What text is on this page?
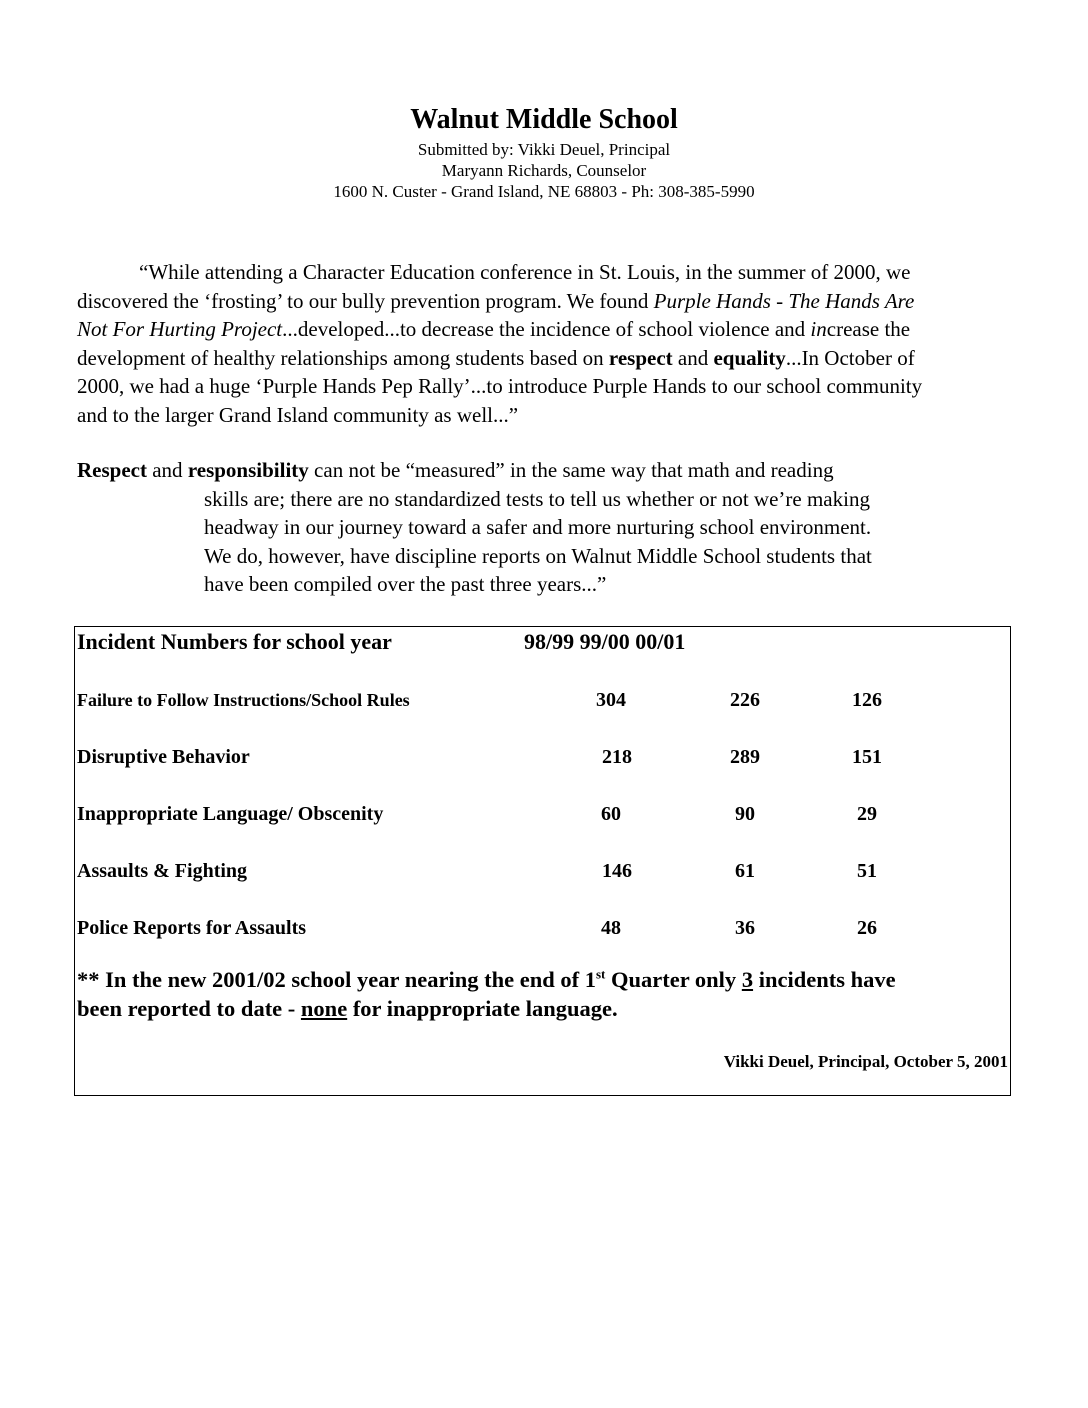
Walnut Middle School
Submitted by: Vikki Deuel, Principal
Maryann Richards, Counselor
1600 N. Custer - Grand Island, NE 68803 - Ph: 308-385-5990
“While attending a Character Education conference in St. Louis, in the summer of 2000, we
discovered the ‘frosting’ to our bully prevention program. We found Purple Hands - The Hands Are
Not For Hurting Project...developed...to decrease the incidence of school violence and increase the
development of healthy relationships among students based on respect and equality...In October of
2000, we had a huge ‘Purple Hands Pep Rally’...to introduce Purple Hands to our school community
and to the larger Grand Island community as well...”
Respect and responsibility can not be “measured” in the same way that math and reading
skills are; there are no standardized tests to tell us whether or not we’re making
headway in our journey toward a safer and more nurturing school environment.
We do, however, have discipline reports on Walnut Middle School students that
have been compiled over the past three years...”
Incident Numbers for school year	98/99 99/00 00/01
Failure to Follow Instructions/School Rules	304	226	126
Disruptive Behavior	218	289	151
Inappropriate Language/ Obscenity	60	90	29
Assaults & Fighting	146	61	51
Police Reports for Assaults	48	36	26
** In the new 2001/02 school year nearing the end of 1st Quarter only 3 incidents have
been reported to date - none for inappropriate language.
Vikki Deuel, Principal, October 5, 2001
